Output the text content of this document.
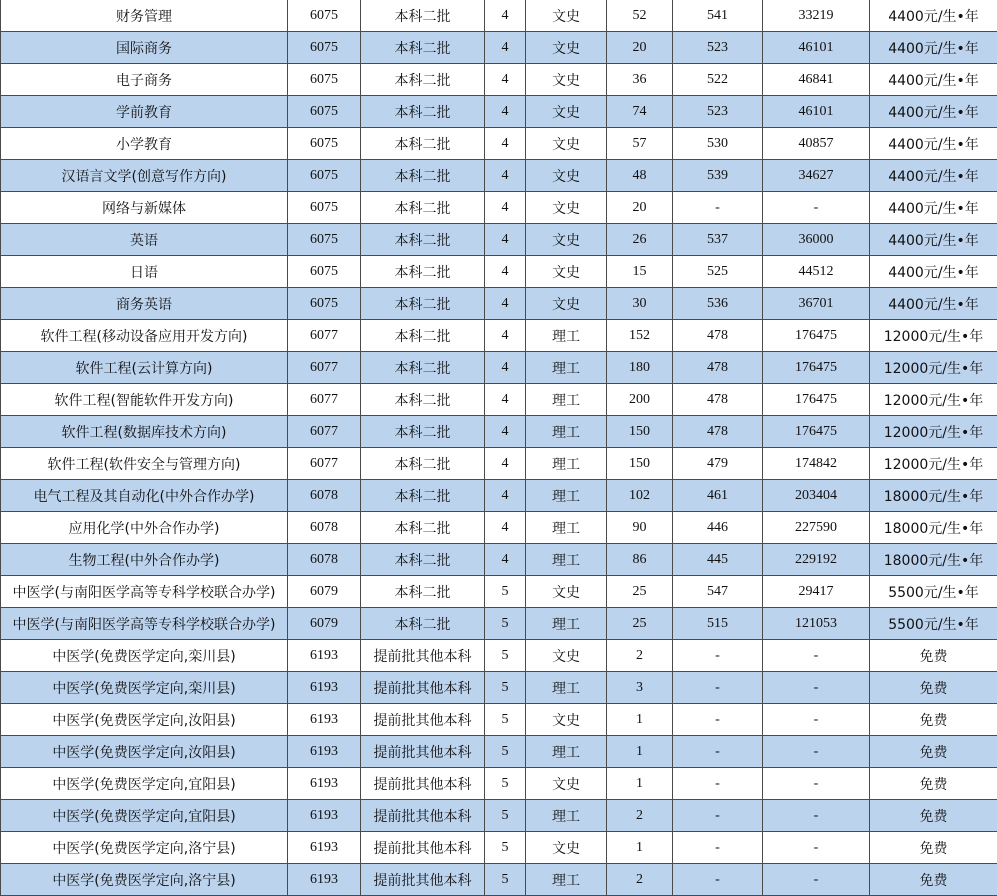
财务管理	6075	本科二批	4	文史	52	541	33219	4400元/生•年
国际商务	6075	本科二批	4	文史	20	523	46101	4400元/生•年
电子商务	6075	本科二批	4	文史	36	522	46841	4400元/生•年
学前教育	6075	本科二批	4	文史	74	523	46101	4400元/生•年
小学教育	6075	本科二批	4	文史	57	530	40857	4400元/生•年
汉语言文学(创意写作方向)	6075	本科二批	4	文史	48	539	34627	4400元/生•年
网络与新媒体	6075	本科二批	4	文史	20	-	-	4400元/生•年
英语	6075	本科二批	4	文史	26	537	36000	4400元/生•年
日语	6075	本科二批	4	文史	15	525	44512	4400元/生•年
商务英语	6075	本科二批	4	文史	30	536	36701	4400元/生•年
软件工程(移动设备应用开发方向)	6077	本科二批	4	理工	152	478	176475	12000元/生•年
软件工程(云计算方向)	6077	本科二批	4	理工	180	478	176475	12000元/生•年
软件工程(智能软件开发方向)	6077	本科二批	4	理工	200	478	176475	12000元/生•年
软件工程(数据库技术方向)	6077	本科二批	4	理工	150	478	176475	12000元/生•年
软件工程(软件安全与管理方向)	6077	本科二批	4	理工	150	479	174842	12000元/生•年
电气工程及其自动化(中外合作办学)	6078	本科二批	4	理工	102	461	203404	18000元/生•年
应用化学(中外合作办学)	6078	本科二批	4	理工	90	446	227590	18000元/生•年
生物工程(中外合作办学)	6078	本科二批	4	理工	86	445	229192	18000元/生•年
中医学(与南阳医学高等专科学校联合办学)	6079	本科二批	5	文史	25	547	29417	5500元/生•年
中医学(与南阳医学高等专科学校联合办学)	6079	本科二批	5	理工	25	515	121053	5500元/生•年
中医学(免费医学定向,栾川县)	6193	提前批其他本科	5	文史	2	-	-	免费
中医学(免费医学定向,栾川县)	6193	提前批其他本科	5	理工	3	-	-	免费
中医学(免费医学定向,汝阳县)	6193	提前批其他本科	5	文史	1	-	-	免费
中医学(免费医学定向,汝阳县)	6193	提前批其他本科	5	理工	1	-	-	免费
中医学(免费医学定向,宜阳县)	6193	提前批其他本科	5	文史	1	-	-	免费
中医学(免费医学定向,宜阳县)	6193	提前批其他本科	5	理工	2	-	-	免费
中医学(免费医学定向,洛宁县)	6193	提前批其他本科	5	文史	1	-	-	免费
中医学(免费医学定向,洛宁县)	6193	提前批其他本科	5	理工	2	-	-	免费
